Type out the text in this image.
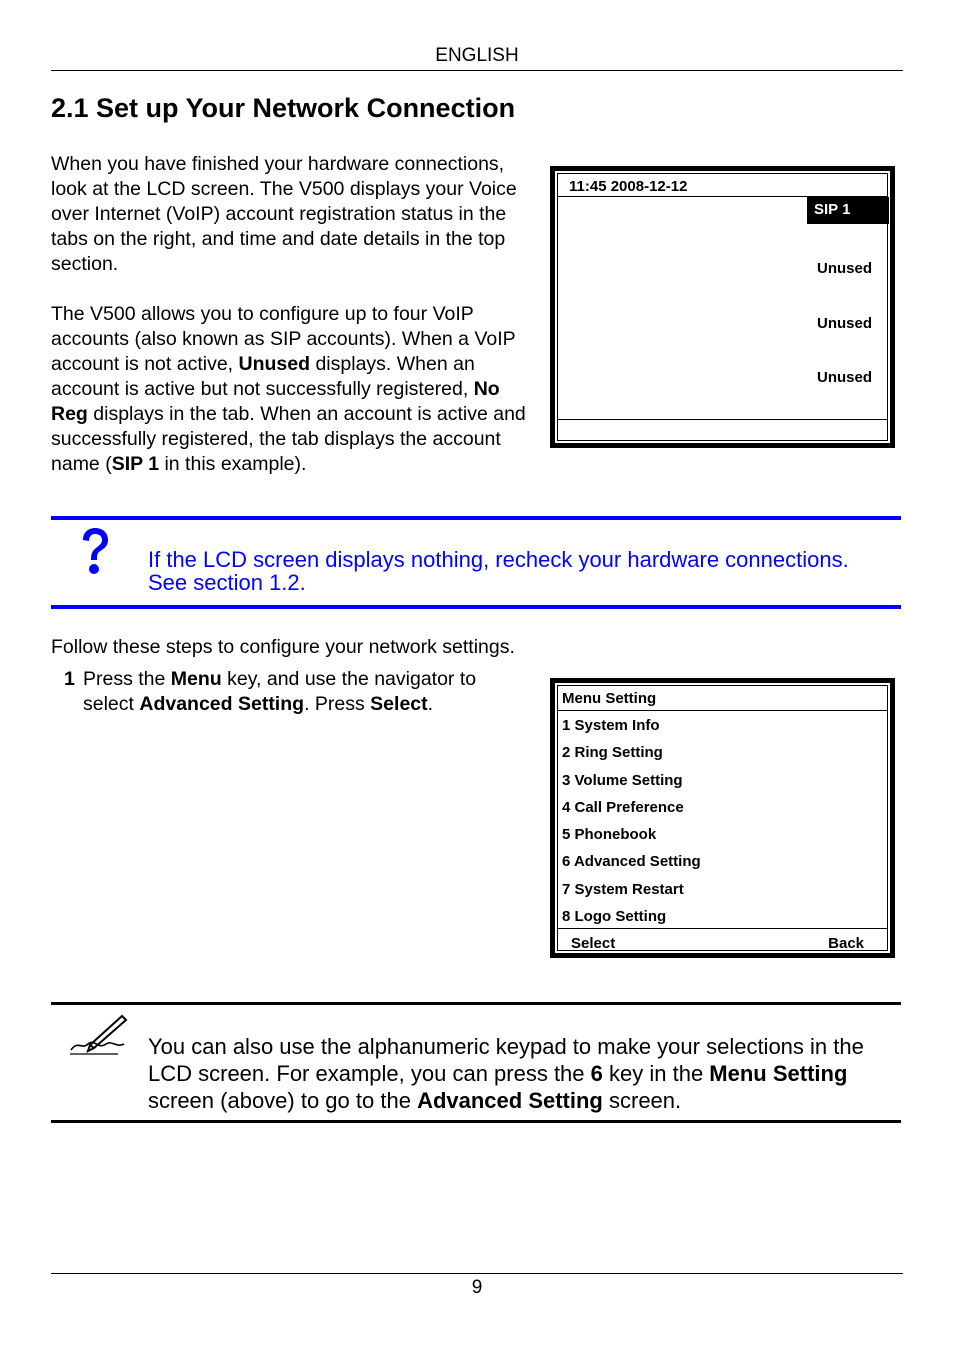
ENGLISH
2.1 Set up Your Network Connection
When you have finished your hardware connections, look at the LCD screen. The V500 displays your Voice over Internet (VoIP) account registration status in the tabs on the right, and time and date details in the top section.
The V500 allows you to configure up to four VoIP accounts (also known as SIP accounts). When a VoIP account is not active, Unused displays. When an account is active but not successfully registered, No Reg displays in the tab. When an account is active and successfully registered, the tab displays the account name (SIP 1 in this example).
11:45 2008-12-12
SIP 1
Unused
Unused
Unused
If the LCD screen displays nothing, recheck your hardware connections.
See section 1.2.
Follow these steps to configure your network settings.
1 Press the Menu key, and use the navigator to
select Advanced Setting. Press Select.	Menu Setting
1 System Info
2 Ring Setting
3 Volume Setting
4 Call Preference
5 Phonebook
6 Advanced Setting
7 System Restart
8 Logo Setting
Select	Back
You can also use the alphanumeric keypad to make your selections in the
LCD screen. For example, you can press the 6 key in the Menu Setting
screen (above) to go to the Advanced Setting screen.
9
